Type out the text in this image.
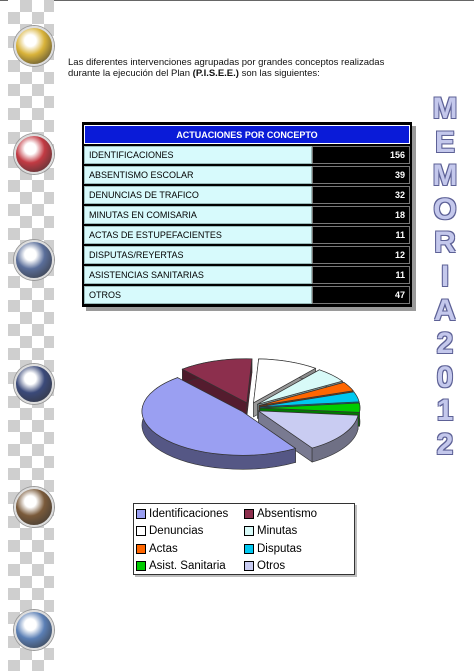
Las diferentes intervenciones agrupadas por grandes conceptos realizadas
durante la ejecución del Plan (P.I.S.E.E.) son las siguientes:
ACTUACIONES POR CONCEPTO	
IDENTIFICACIONES	156
ABSENTISMO ESCOLAR	39
DENUNCIAS DE TRAFICO	32
MINUTAS EN COMISARIA	18
ACTAS DE ESTUPEFACIENTES	11
DISPUTAS/REYERTAS	12
ASISTENCIAS SANITARIAS	11
OTROS	47
Identificaciones Absentismo
Denuncias	Minutas
Actas	Disputas
Asist. Sanitaria	Otros
M
E
M
O
R
I
A
2
0
1
2
